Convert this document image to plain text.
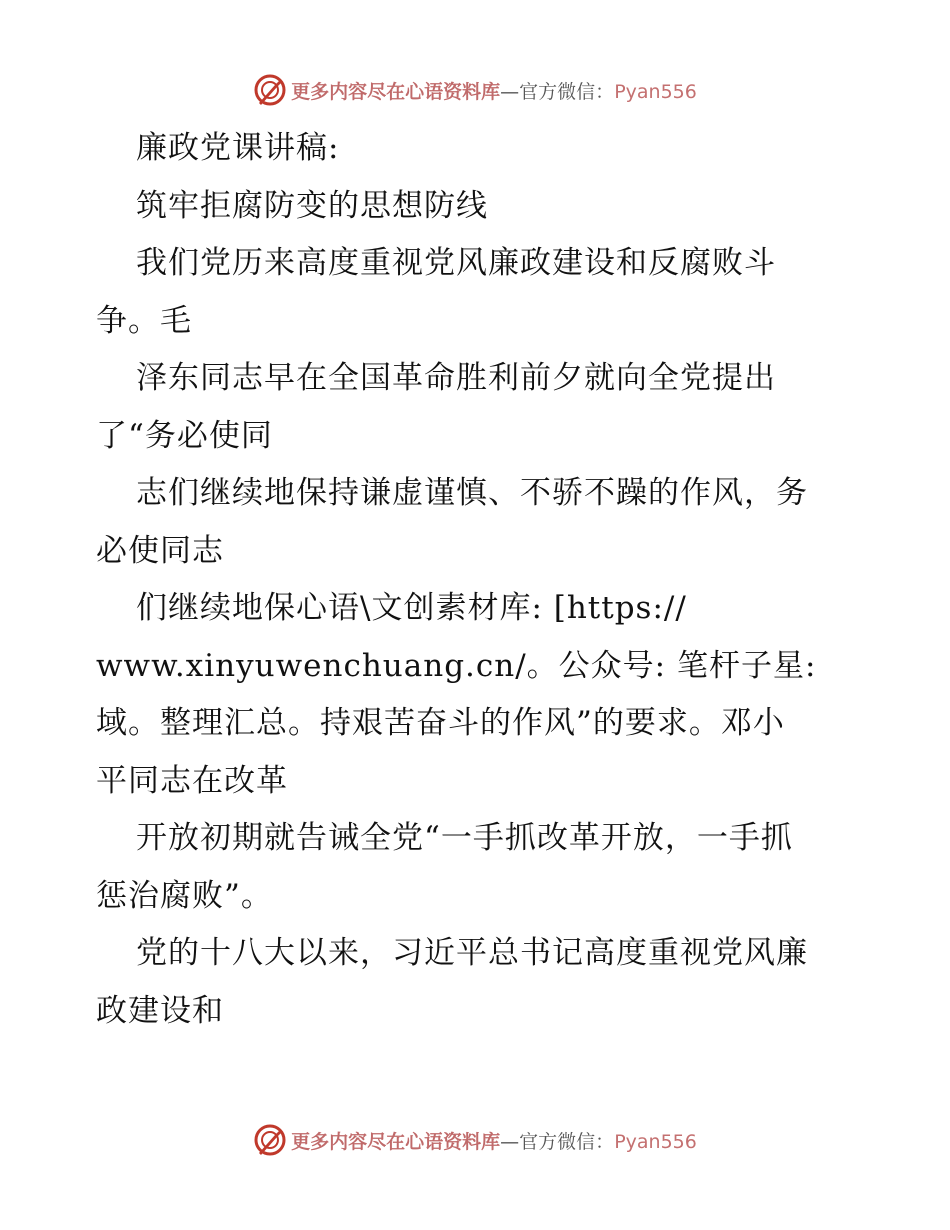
更多内容尽在心语资料库—官方微信：Pyan556
廉政党课讲稿:
筑牢拒腐防变的思想防线
我们党历来高度重视党风廉政建设和反腐败斗
争。毛
泽东同志早在全国革命胜利前夕就向全党提出
了“务必使同
志们继续地保持谦虚谨慎、不骄不躁的作风，务
必使同志
们继续地保心语\文创素材库: [https://
www.xinyuwenchuang.cn/。公众号: 笔杆子星:
域。整理汇总。持艰苦奋斗的作风”的要求。邓小
平同志在改革
开放初期就告诫全党“一手抓改革开放，一手抓
惩治腐败”。
党的十八大以来，习近平总书记高度重视党风廉
政建设和
更多内容尽在心语资料库—官方微信：Pyan556
